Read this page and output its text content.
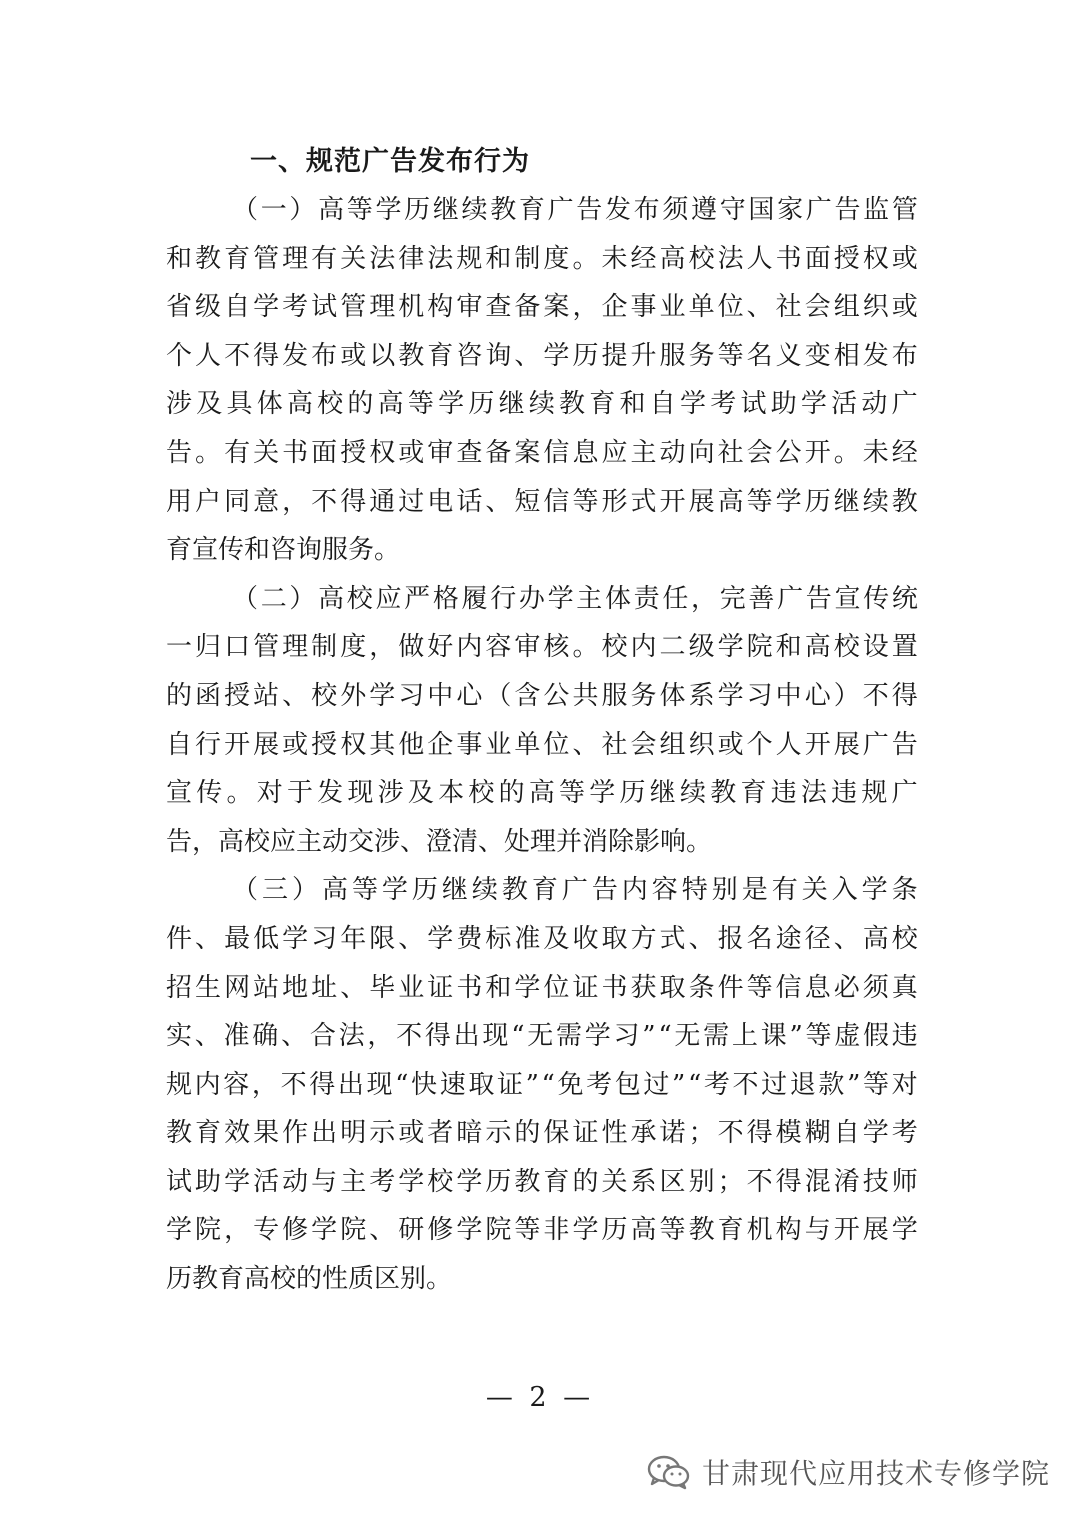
一、规范广告发布行为
（ 一 ） 高 等 学 历 继 续 教 育 广 告 发 布 须 遵 守 国 家 广 告 监 管
和 教 育 管 理 有 关 法 律 法 规 和 制 度 。 未 经 高 校 法 人 书 面 授 权 或
省 级 自 学 考 试 管 理 机 构 审 查 备 案 ， 企 事 业 单 位 、 社 会 组 织 或
个 人 不 得 发 布 或 以 教 育 咨 询 、 学 历 提 升 服 务 等 名 义 变 相 发 布
涉 及 具 体 高 校 的 高 等 学 历 继 续 教 育 和 自 学 考 试 助 学 活 动 广
告 。 有 关 书 面 授 权 或 审 查 备 案 信 息 应 主 动 向 社 会 公 开 。 未 经
用 户 同 意 ， 不 得 通 过 电 话 、 短 信 等 形 式 开 展 高 等 学 历 继 续 教
育宣传和咨询服务。
（ 二 ） 高 校 应 严 格 履 行 办 学 主 体 责 任 ， 完 善 广 告 宣 传 统
一 归 口 管 理 制 度 ， 做 好 内 容 审 核 。 校 内 二 级 学 院 和 高 校 设 置
的 函 授 站 、 校 外 学 习 中 心 （ 含 公 共 服 务 体 系 学 习 中 心 ） 不 得
自 行 开 展 或 授 权 其 他 企 事 业 单 位 、 社 会 组 织 或 个 人 开 展 广 告
宣 传 。 对 于 发 现 涉 及 本 校 的 高 等 学 历 继 续 教 育 违 法 违 规 广
告，高校应主动交涉、澄清、处理并消除影响。
（ 三 ） 高 等 学 历 继 续 教 育 广 告 内 容 特 别 是 有 关 入 学 条
件 、 最 低 学 习 年 限 、 学 费 标 准 及 收 取 方 式 、 报 名 途 径 、 高 校
招 生 网 站 地 址 、 毕 业 证 书 和 学 位 证 书 获 取 条 件 等 信 息 必 须 真
实 、 准 确 、 合 法 ， 不 得 出 现 “ 无 需 学 习 ” “ 无 需 上 课 ” 等 虚 假 违
规 内 容 ， 不 得 出 现 “ 快 速 取 证 ” “ 免 考 包 过 ” “ 考 不 过 退 款 ” 等 对
教 育 效 果 作 出 明 示 或 者 暗 示 的 保 证 性 承 诺 ； 不 得 模 糊 自 学 考
试 助 学 活 动 与 主 考 学 校 学 历 教 育 的 关 系 区 别 ； 不 得 混 淆 技 师
学 院 ， 专 修 学 院 、 研 修 学 院 等 非 学 历 高 等 教 育 机 构 与 开 展 学
历教育高校的性质区别。
— 2 —
甘肃现代应用技术专修学院
